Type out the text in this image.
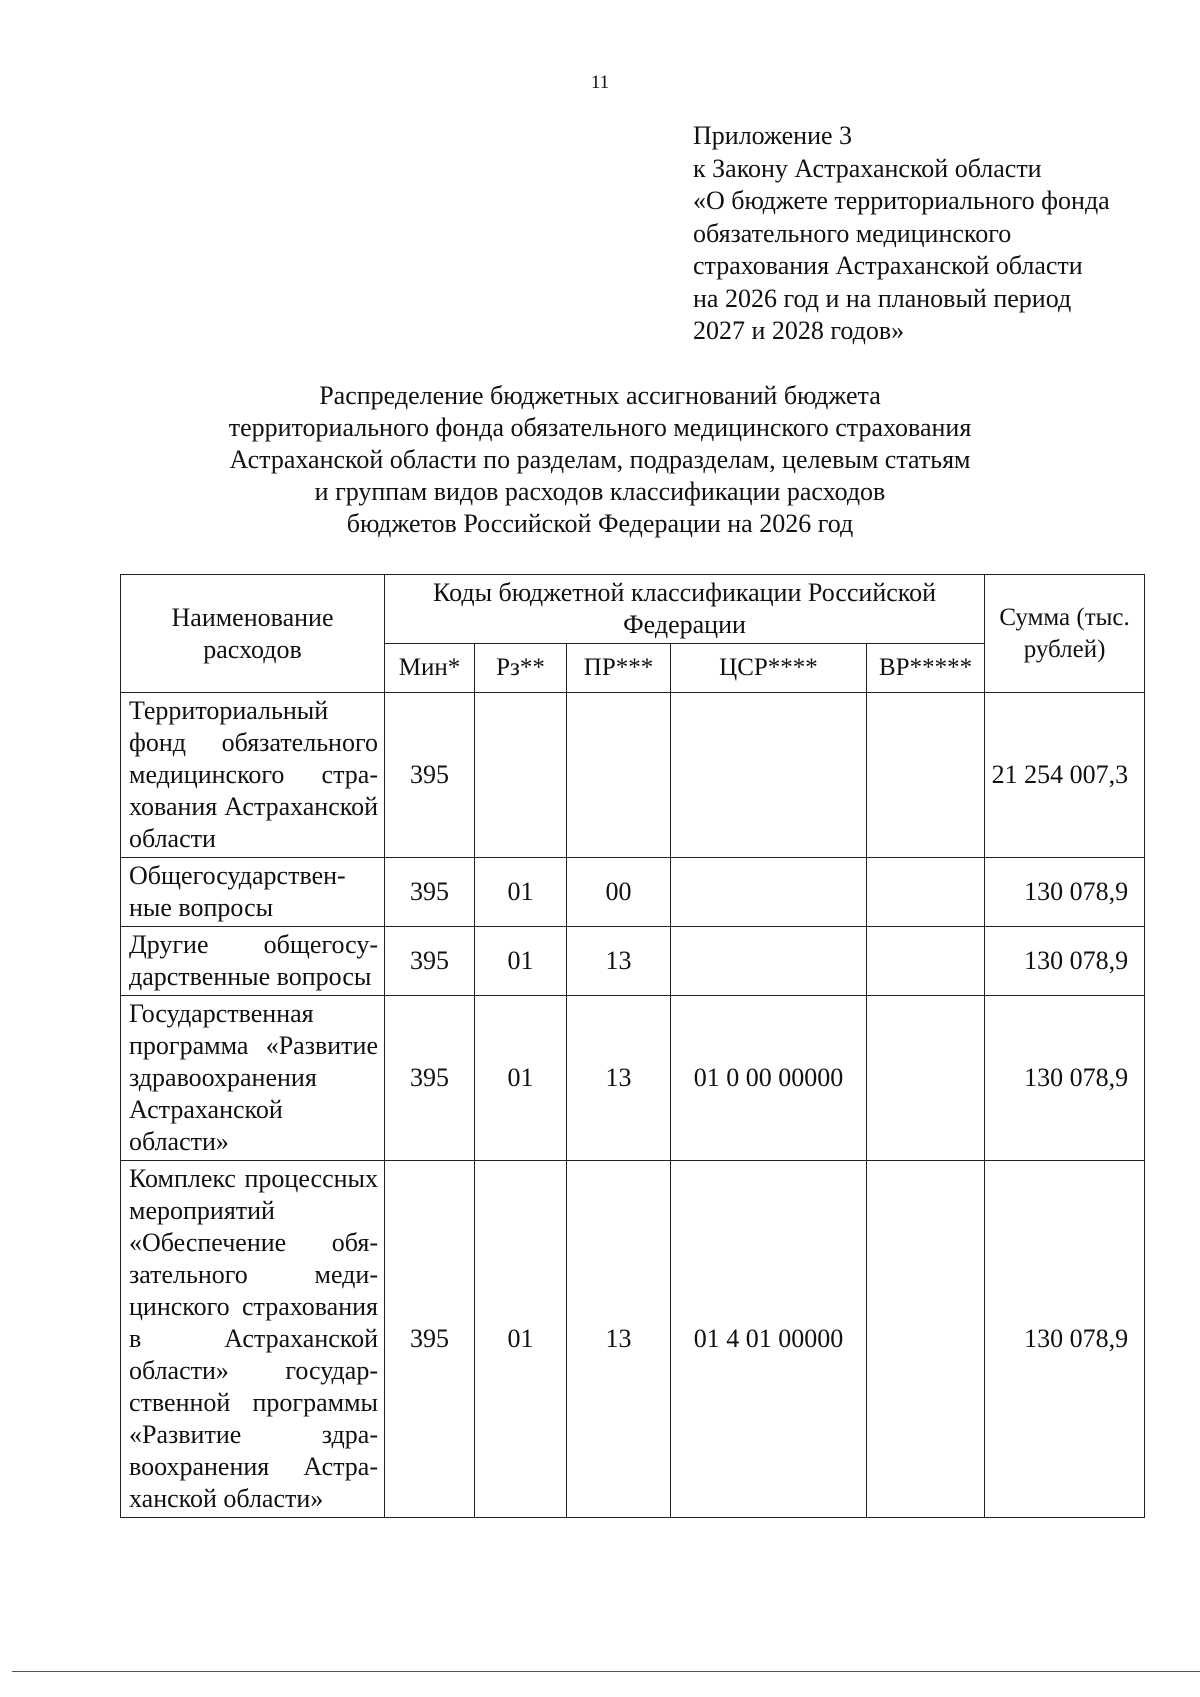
11
Приложение 3
к Закону Астраханской области
«О бюджете территориального фонда
обязательного медицинского
страхования Астраханской области
на 2026 год и на плановый период
2027 и 2028 годов»
Распределение бюджетных ассигнований бюджета
территориального фонда обязательного медицинского страхования
Астраханской области по разделам, подразделам, целевым статьям
и группам видов расходов классификации расходов
бюджетов Российской Федерации на 2026 год
Наименование расходов	Коды бюджетной классификации Российской Федерации					Сумма (тыс. рублей)
	Мин*	Рз**	ПР***	ЦСР****	ВР*****	
Территориальный фонд обязательного медицинского страхования Астраханской области	395					21 254 007,3
Общегосударственные вопросы	395	01	00			130 078,9
Другие общегосударственные вопросы	395	01	13			130 078,9
Государственная программа «Развитие здравоохранения Астраханской области»	395	01	13	01 0 00 00000		130 078,9
Комплекс процессных мероприятий «Обеспечение обязательного медицинского страхования в Астраханской области» государственной программы «Развитие здравоохранения Астраханской области»	395	01	13	01 4 01 00000		130 078,9
